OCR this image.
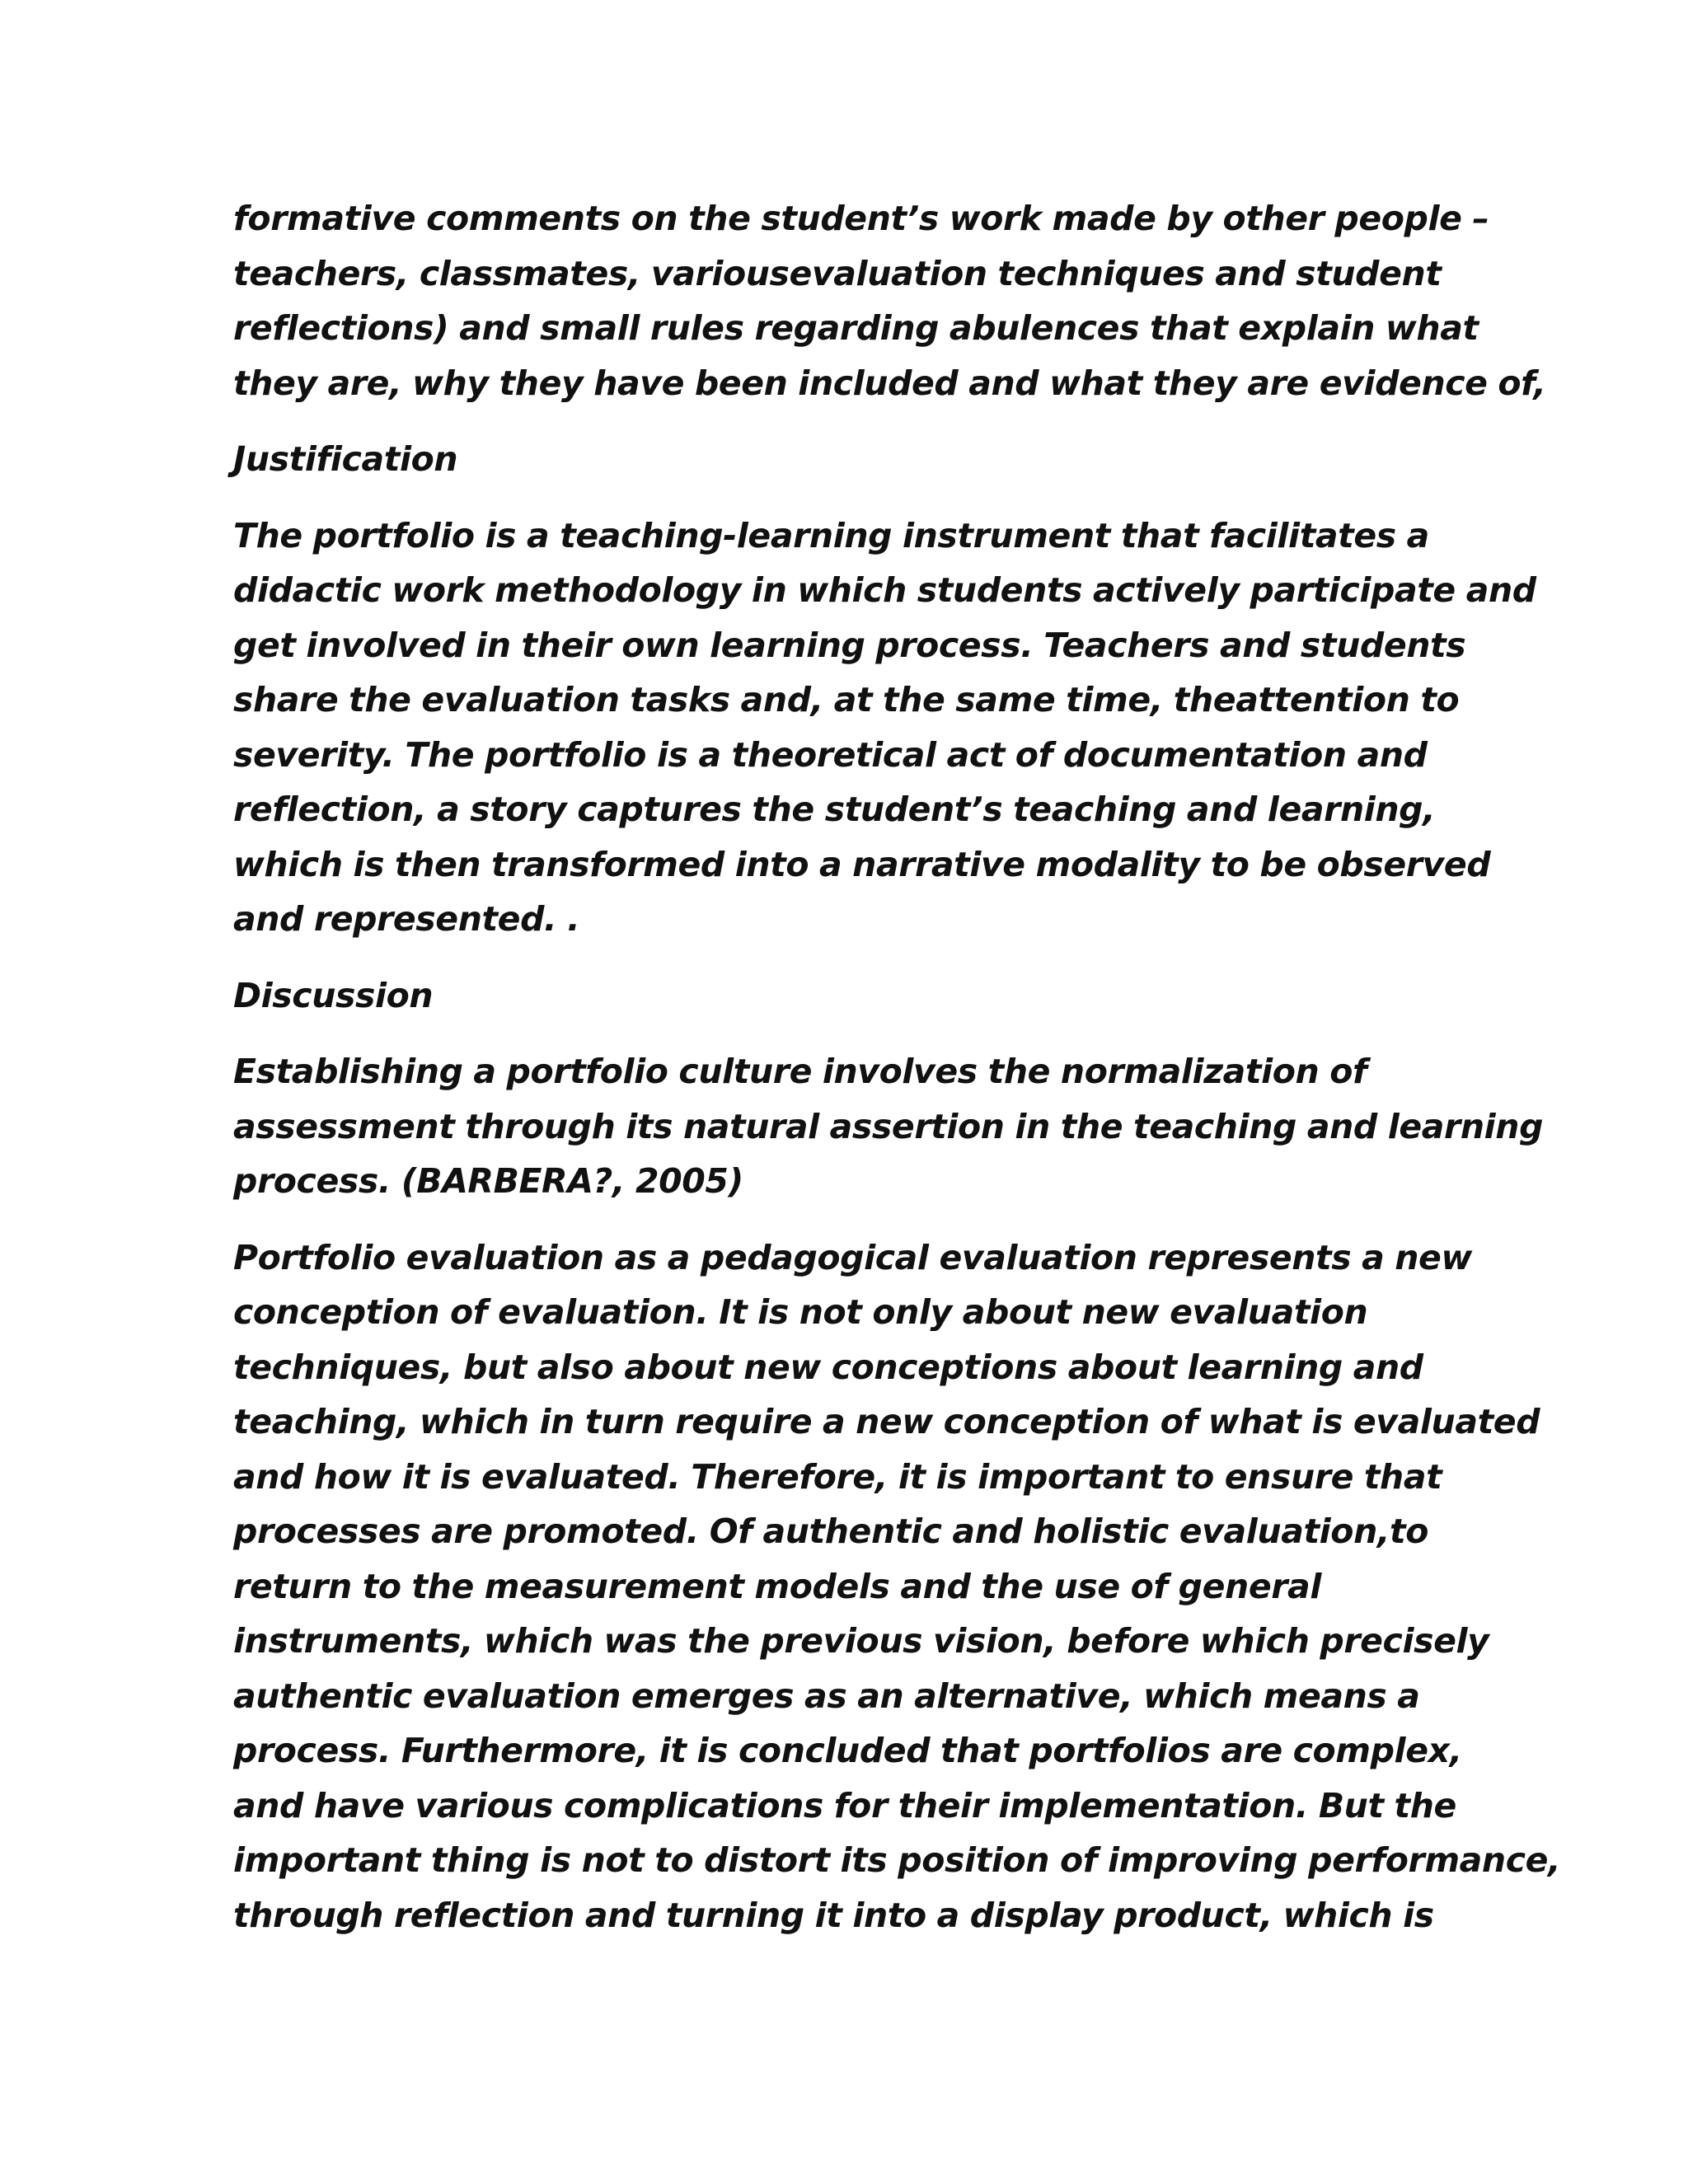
formative comments on the student’s work made by other people –
teachers, classmates, variousevaluation techniques and student
reflections) and small rules regarding abulences that explain what
they are, why they have been included and what they are evidence of,
Justification
The portfolio is a teaching-learning instrument that facilitates a
didactic work methodology in which students actively participate and
get involved in their own learning process. Teachers and students
share the evaluation tasks and, at the same time, theattention to
severity. The portfolio is a theoretical act of documentation and
reflection, a story captures the student’s teaching and learning,
which is then transformed into a narrative modality to be observed
and represented. .
Discussion
Establishing a portfolio culture involves the normalization of
assessment through its natural assertion in the teaching and learning
process. (BARBERA?, 2005)
Portfolio evaluation as a pedagogical evaluation represents a new
conception of evaluation. It is not only about new evaluation
techniques, but also about new conceptions about learning and
teaching, which in turn require a new conception of what is evaluated
and how it is evaluated. Therefore, it is important to ensure that
processes are promoted. Of authentic and holistic evaluation,to
return to the measurement models and the use of general
instruments, which was the previous vision, before which precisely
authentic evaluation emerges as an alternative, which means a
process. Furthermore, it is concluded that portfolios are complex,
and have various complications for their implementation. But the
important thing is not to distort its position of improving performance,
through reflection and turning it into a display product, which is
